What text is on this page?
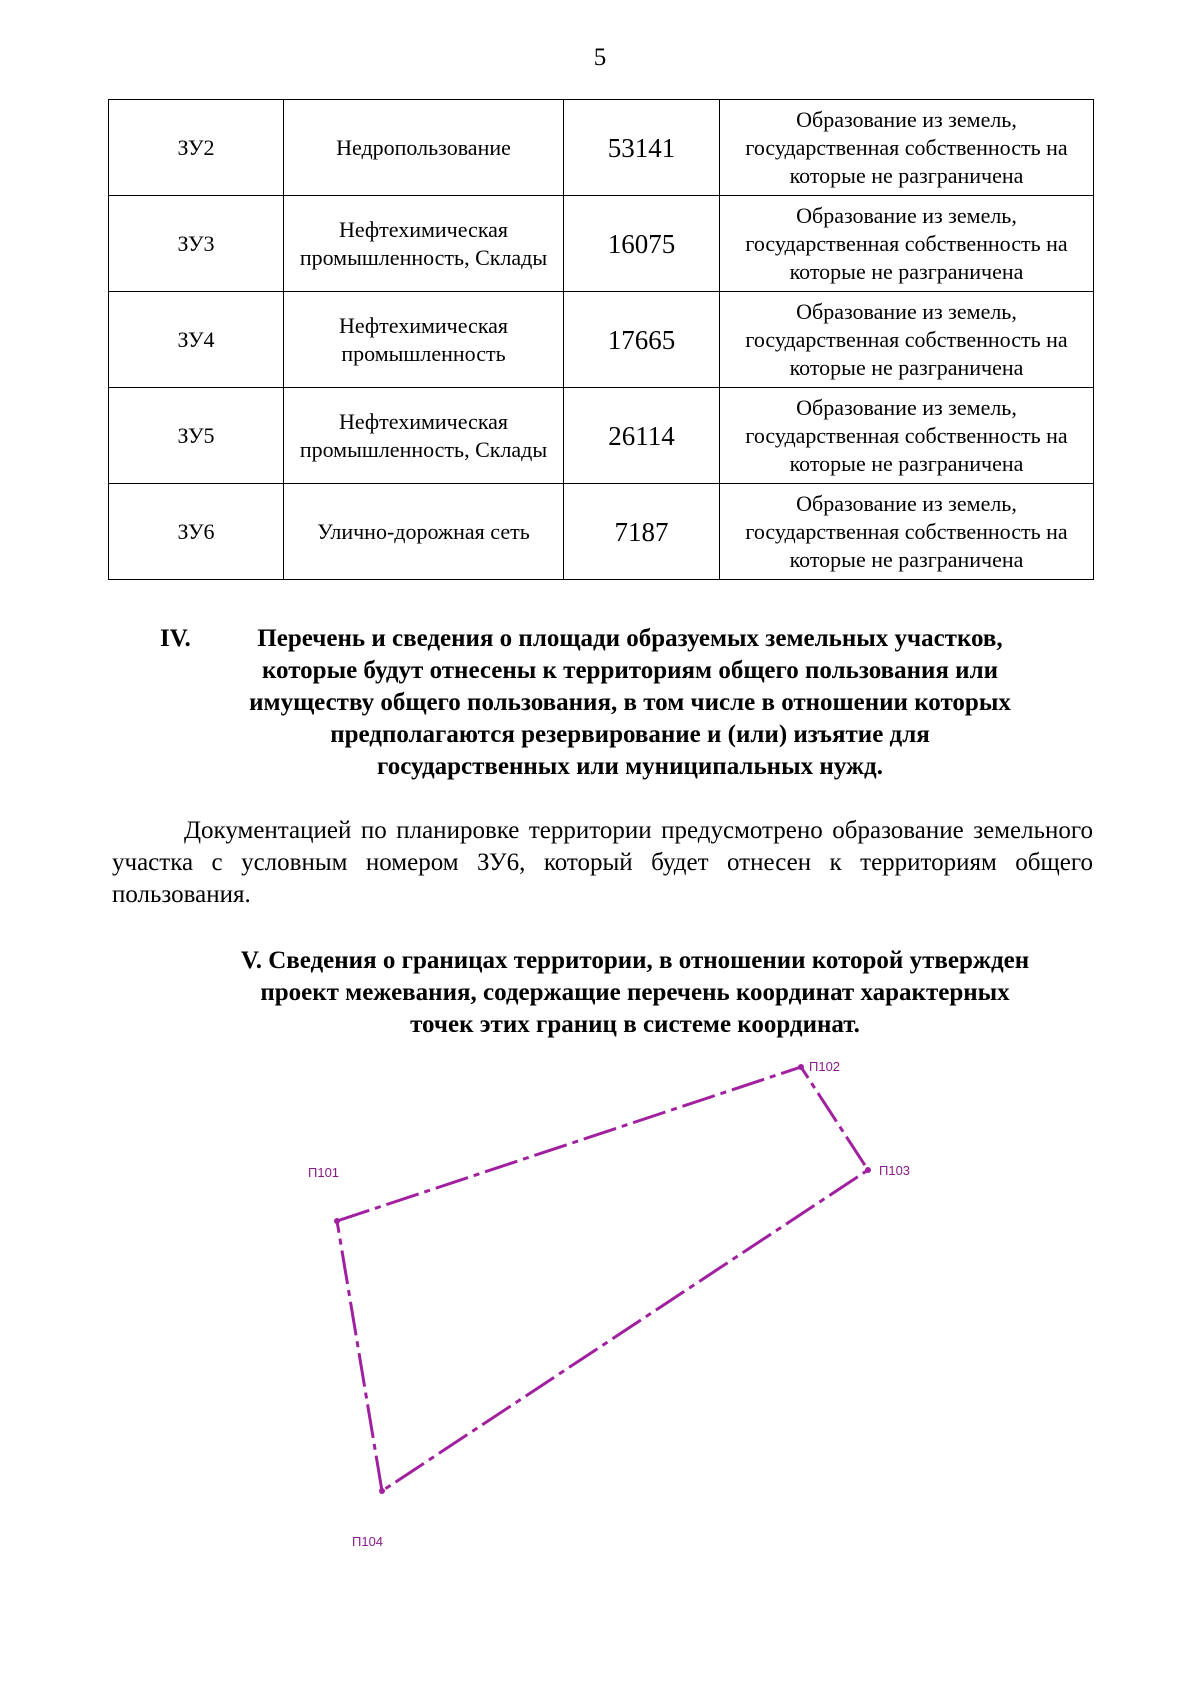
5
ЗУ2	Недропользование	53141	Образование из земель, государственная собственность на которые не разграничена
ЗУ3	Нефтехимическая промышленность, Склады	16075	Образование из земель, государственная собственность на которые не разграничена
ЗУ4	Нефтехимическая промышленность	17665	Образование из земель, государственная собственность на которые не разграничена
ЗУ5	Нефтехимическая промышленность, Склады	26114	Образование из земель, государственная собственность на которые не разграничена
ЗУ6	Улично-дорожная сеть	7187	Образование из земель, государственная собственность на которые не разграничена
IV.	Перечень и сведения о площади образуемых земельных участков,
которые будут отнесены к территориям общего пользования или
имуществу общего пользования, в том числе в отношении которых
предполагаются резервирование и (или) изъятие для
государственных или муниципальных нужд.
Документацией по планировке территории предусмотрено образование земельного участка с условным номером ЗУ6, который будет отнесен к территориям общего пользования.
V. Сведения о границах территории, в отношении которой утвержден
проект межевания, содержащие перечень координат характерных
точек этих границ в системе координат.
П101
П102
П103
П104
